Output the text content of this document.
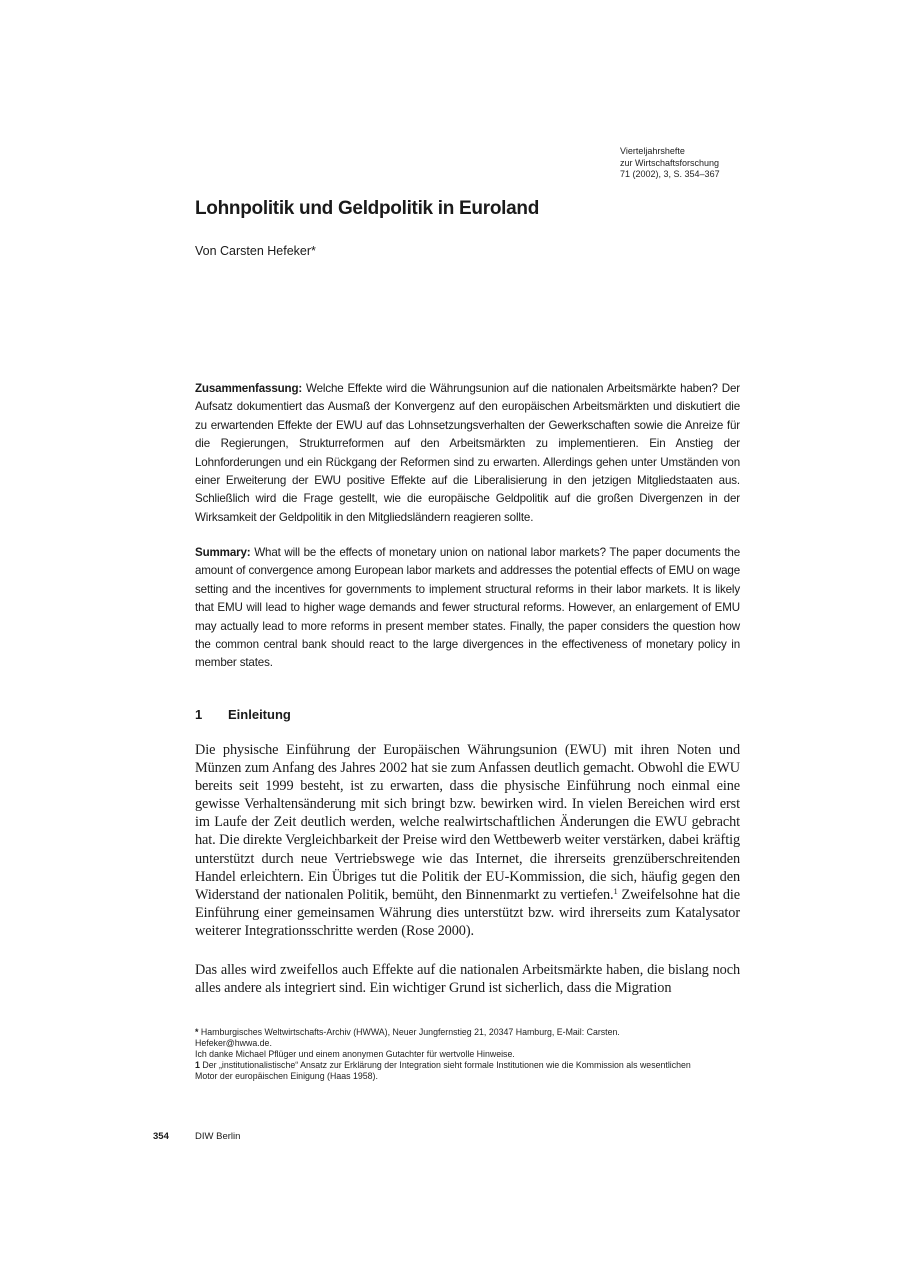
Vierteljahrshefte
zur Wirtschaftsforschung
71 (2002), 3, S. 354–367
Lohnpolitik und Geldpolitik in Euroland
Von Carsten Hefeker*

Zusammenfassung: Welche Effekte wird die Währungsunion auf die nationalen Arbeitsmärkte haben? Der Aufsatz dokumentiert das Ausmaß der Konvergenz auf den europäischen Arbeitsmärkten und diskutiert die zu erwartenden Effekte der EWU auf das Lohnsetzungsverhalten der Gewerkschaften sowie die Anreize für die Regierungen, Strukturreformen auf den Arbeitsmärkten zu implementieren. Ein Anstieg der Lohnforderungen und ein Rückgang der Reformen sind zu erwarten. Allerdings gehen unter Umständen von einer Erweiterung der EWU positive Effekte auf die Liberalisierung in den jetzigen Mitgliedstaaten aus. Schließlich wird die Frage gestellt, wie die europäische Geldpolitik auf die großen Divergenzen in der Wirksamkeit der Geldpolitik in den Mitgliedsländern reagieren sollte.

Summary: What will be the effects of monetary union on national labor markets? The paper documents the amount of convergence among European labor markets and addresses the potential effects of EMU on wage setting and the incentives for governments to implement structural reforms in their labor markets. It is likely that EMU will lead to higher wage demands and fewer structural reforms. However, an enlargement of EMU may actually lead to more reforms in present member states. Finally, the paper considers the question how the common central bank should react to the large divergences in the effectiveness of monetary policy in member states.

1 Einleitung

Die physische Einführung der Europäischen Währungsunion (EWU) mit ihren Noten und Münzen zum Anfang des Jahres 2002 hat sie zum Anfassen deutlich gemacht. Obwohl die EWU bereits seit 1999 besteht, ist zu erwarten, dass die physische Einführung noch einmal eine gewisse Verhaltensänderung mit sich bringt bzw. bewirken wird. In vielen Bereichen wird erst im Laufe der Zeit deutlich werden, welche realwirtschaftlichen Änderungen die EWU gebracht hat. Die direkte Vergleichbarkeit der Preise wird den Wettbewerb weiter verstärken, dabei kräftig unterstützt durch neue Vertriebswege wie das Internet, die ihrerseits grenzüberschreitenden Handel erleichtern. Ein Übriges tut die Politik der EU-Kommission, die sich, häufig gegen den Widerstand der nationalen Politik, bemüht, den Binnenmarkt zu vertiefen.$^1$ Zweifelsohne hat die Einführung einer gemeinsamen Währung dies unterstützt bzw. wird ihrerseits zum Katalysator weiterer Integrationsschritte werden (Rose 2000).

Das alles wird zweifellos auch Effekte auf die nationalen Arbeitsmärkte haben, die bislang noch alles andere als integriert sind. Ein wichtiger Grund ist sicherlich, dass die Migration

* Hamburgisches Weltwirtschafts-Archiv (HWWA), Neuer Jungfernstieg 21, 20347 Hamburg, E-Mail: Carsten. Hefeker@hwwa.de.

Ich danke Michael Pflüger und einem anonymen Gutachter für wertvolle Hinweise.

1 Der „institutionalistische“ Ansatz zur Erklärung der Integration sieht formale Institutionen wie die Kommission als wesentlichen Motor der europäischen Einigung (Haas 1958).

354	DIW Berlin
